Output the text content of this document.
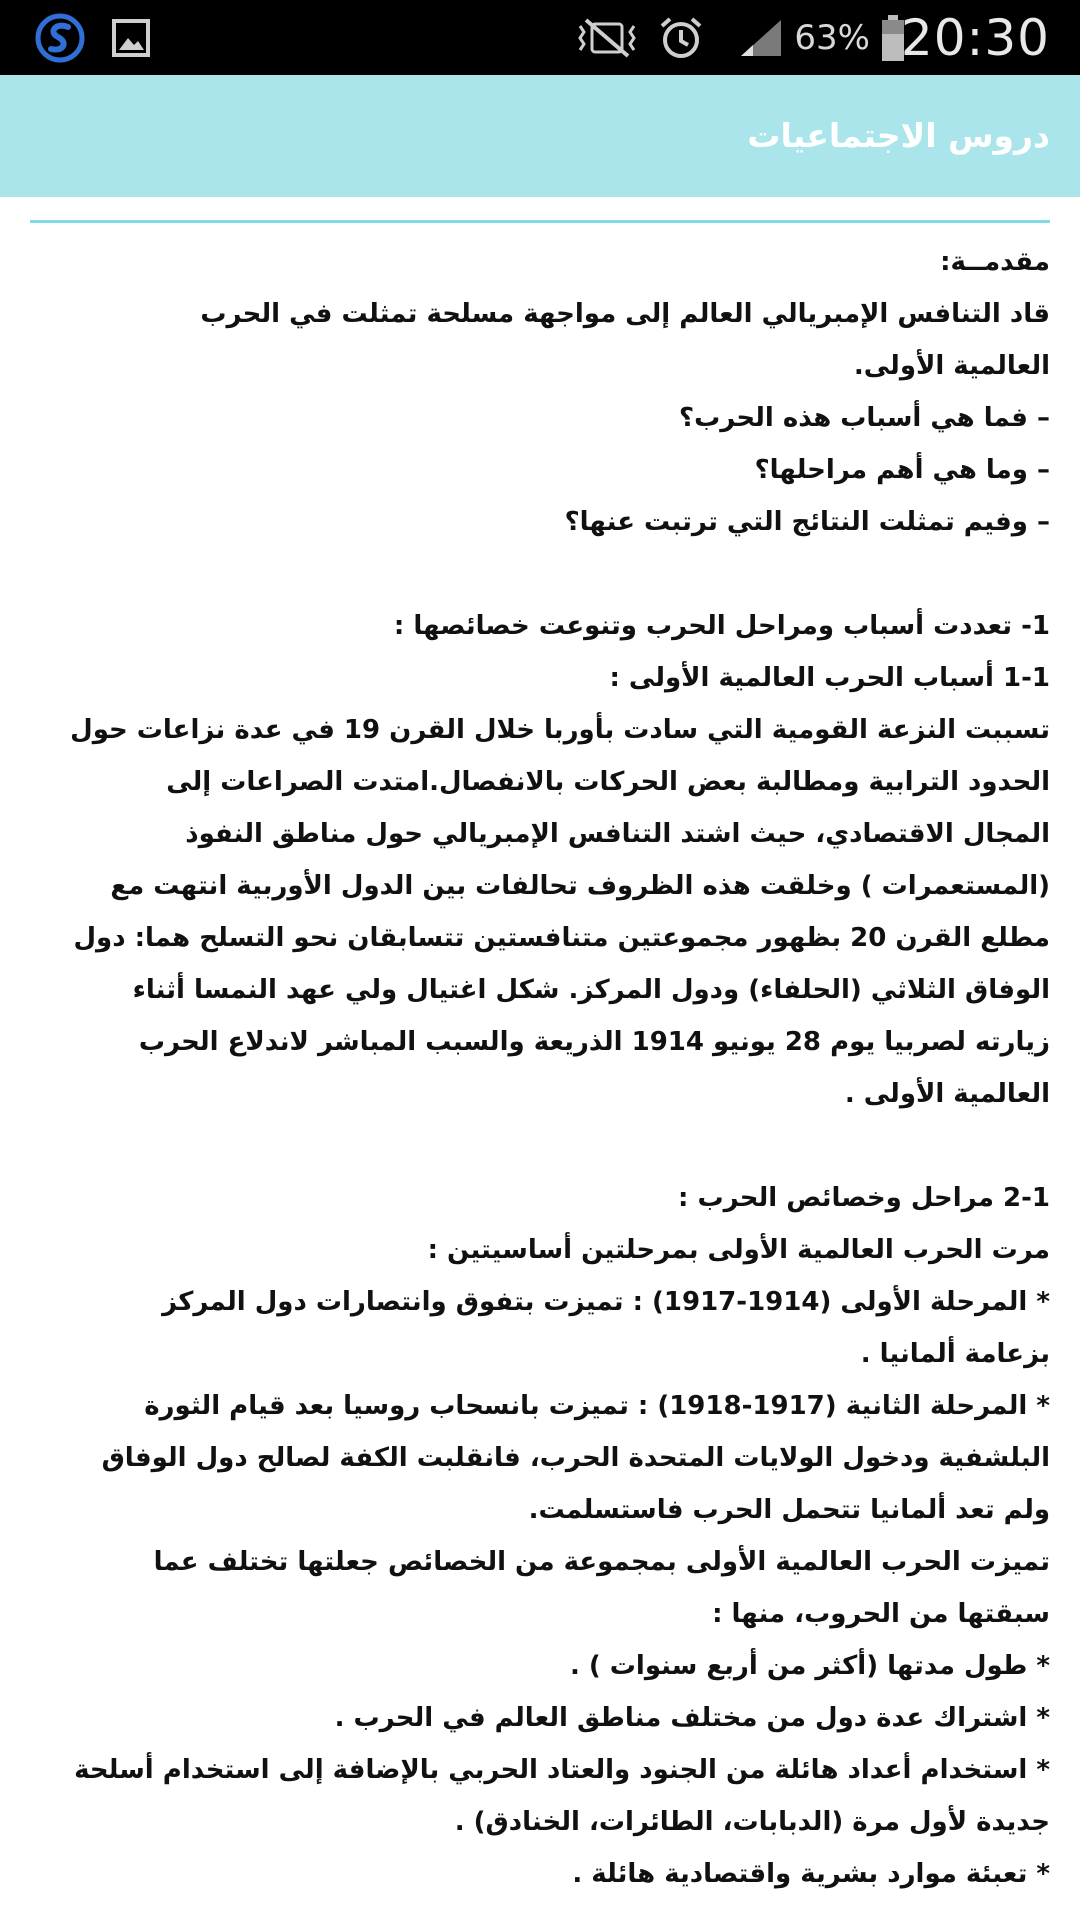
63% 20:30
دروس الاجتماعيات
مقدمــة:
قاد التنافس الإمبريالي العالم إلى مواجهة مسلحة تمثلت في الحرب
العالمية الأولى.
– فما هي أسباب هذه الحرب؟
– وما هي أهم مراحلها؟
– وفيم تمثلت النتائج التي ترتبت عنها؟
1- تعددت أسباب ومراحل الحرب وتنوعت خصائصها :
1-1 أسباب الحرب العالمية الأولى :
تسببت النزعة القومية التي سادت بأوربا خلال القرن 19 في عدة نزاعات حول
الحدود الترابية ومطالبة بعض الحركات بالانفصال.امتدت الصراعات إلى
المجال الاقتصادي، حيث اشتد التنافس الإمبريالي حول مناطق النفوذ
(المستعمرات ) وخلقت هذه الظروف تحالفات بين الدول الأوربية انتهت مع
مطلع القرن 20 بظهور مجموعتين متنافستين تتسابقان نحو التسلح هما: دول
الوفاق الثلاثي (الحلفاء) ودول المركز. شكل اغتيال ولي عهد النمسا أثناء
زيارته لصربيا يوم 28 يونيو 1914 الذريعة والسبب المباشر لاندلاع الحرب
العالمية الأولى .
2-1 مراحل وخصائص الحرب :
مرت الحرب العالمية الأولى بمرحلتين أساسيتين :
* المرحلة الأولى (1914-1917) : تميزت بتفوق وانتصارات دول المركز
بزعامة ألمانيا .
* المرحلة الثانية (1917-1918) : تميزت بانسحاب روسيا بعد قيام الثورة
البلشفية ودخول الولايات المتحدة الحرب، فانقلبت الكفة لصالح دول الوفاق
ولم تعد ألمانيا تتحمل الحرب فاستسلمت.
تميزت الحرب العالمية الأولى بمجموعة من الخصائص جعلتها تختلف عما
سبقتها من الحروب، منها :
* طول مدتها (أكثر من أربع سنوات ) .
* اشتراك عدة دول من مختلف مناطق العالم في الحرب .
* استخدام أعداد هائلة من الجنود والعتاد الحربي بالإضافة إلى استخدام أسلحة
جديدة لأول مرة (الدبابات، الطائرات، الخنادق) .
* تعبئة موارد بشرية واقتصادية هائلة .
